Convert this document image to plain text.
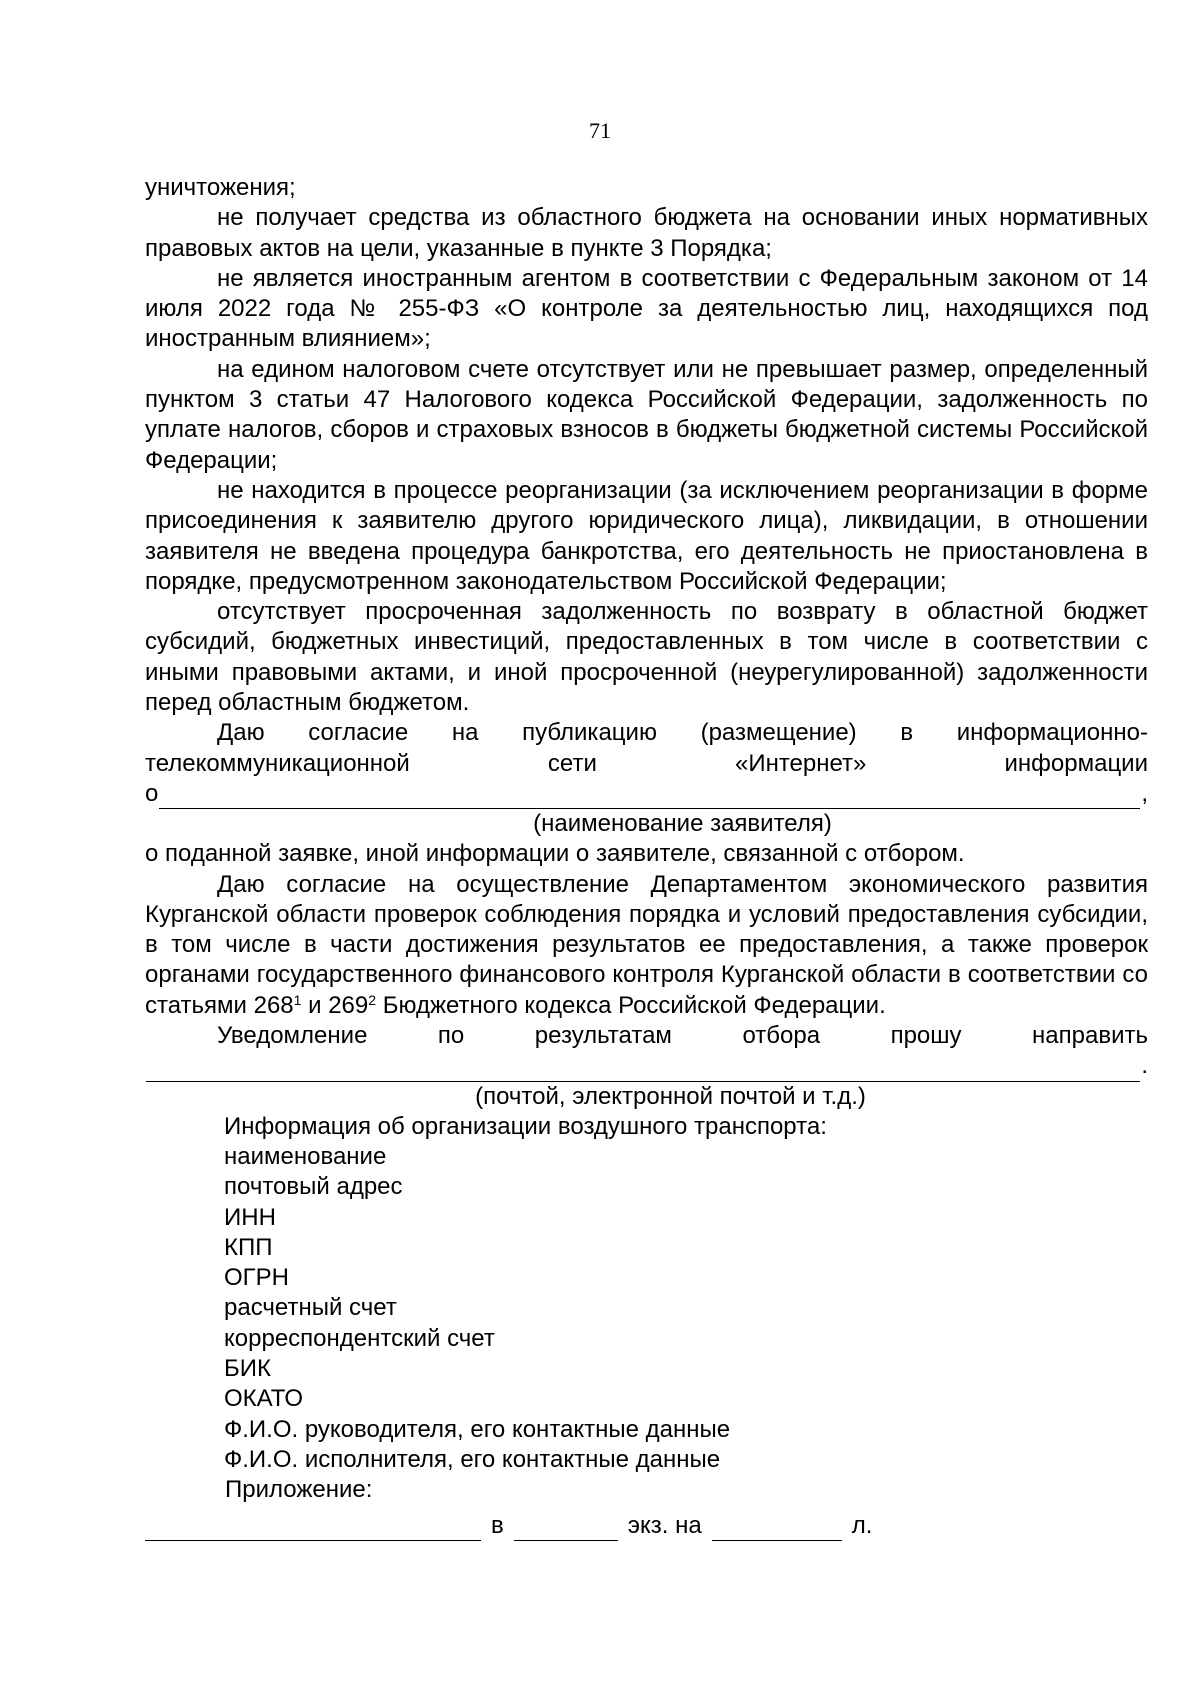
71

уничтожения;

не получает средства из областного бюджета на основании иных нормативных правовых актов на цели, указанные в пункте 3 Порядка;

не является иностранным агентом в соответствии с Федеральным законом от 14 июля 2022 года № 255-ФЗ «О контроле за деятельностью лиц, находящихся под иностранным влиянием»;

на едином налоговом счете отсутствует или не превышает размер, определенный пунктом 3 статьи 47 Налогового кодекса Российской Федерации, задолженность по уплате налогов, сборов и страховых взносов в бюджеты бюджетной системы Российской Федерации;

не находится в процессе реорганизации (за исключением реорганизации в форме присоединения к заявителю другого юридического лица), ликвидации, в отношении заявителя не введена процедура банкротства, его деятельность не приостановлена в порядке, предусмотренном законодательством Российской Федерации;

отсутствует просроченная задолженность по возврату в областной бюджет субсидий, бюджетных инвестиций, предоставленных в том числе в соответствии с иными правовыми актами, и иной просроченной (неурегулированной) задолженности перед областным бюджетом.

Даю согласие на публикацию (размещение) в информационно-телекоммуникационной сети «Интернет» информации

о	,
(наименование заявителя)

о поданной заявке, иной информации о заявителе, связанной с отбором.

Даю согласие на осуществление Департаментом экономического развития Курганской области проверок соблюдения порядка и условий предоставления субсидии, в том числе в части достижения результатов ее предоставления, а также проверок органами государственного финансового контроля Курганской области в соответствии со статьями $268^1$ и $269^2$ Бюджетного кодекса Российской Федерации.

Уведомление по результатам отбора прошу направить

.
(почтой, электронной почтой и т.д.)
Информация об организации воздушного транспорта:
наименование
почтовый адрес
ИНН
КПП
ОГРН
расчетный счет
корреспондентский счет
БИК
ОКАТО
Ф.И.О. руководителя, его контактные данные
Ф.И.О. исполнителя, его контактные данные
Приложение:
в	экз. на	л.
